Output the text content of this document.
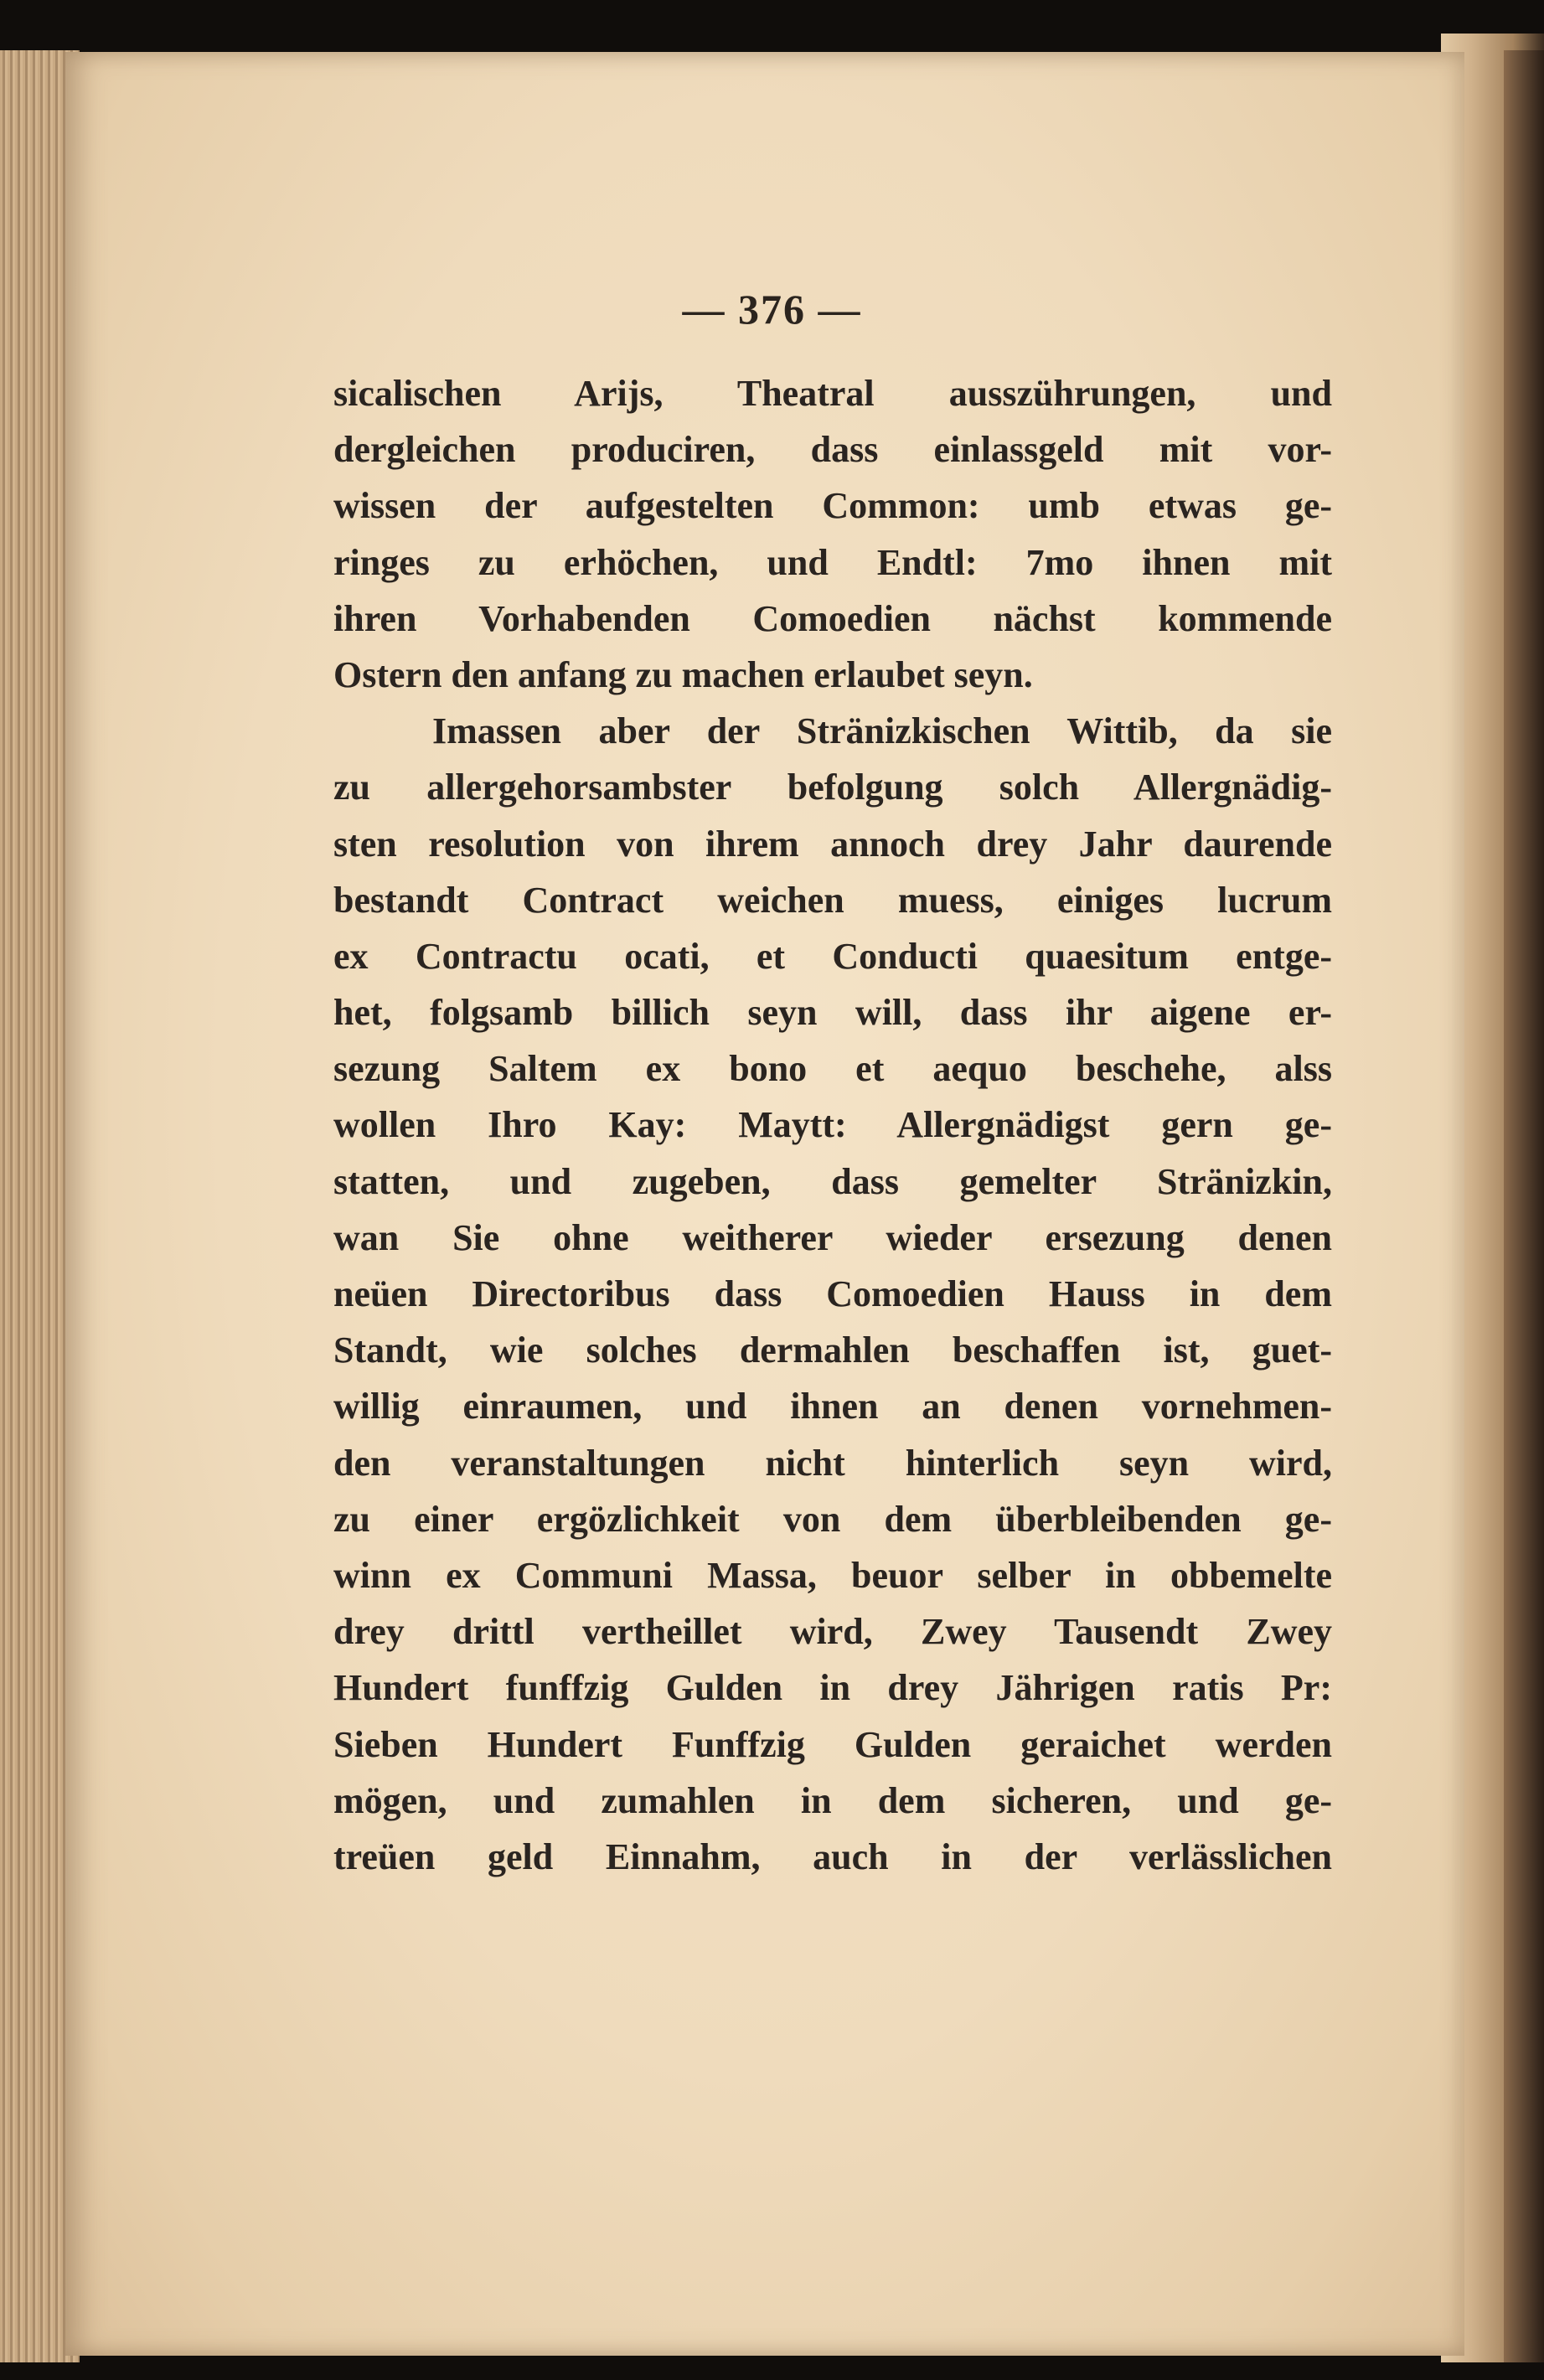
— 376 —
sicalischen Arijs, Theatral ausszührungen, und
dergleichen produciren, dass einlassgeld mit vor-
wissen der aufgestelten Common: umb etwas ge-
ringes zu erhöchen, und Endtl: 7mo ihnen mit
ihren Vorhabenden Comoedien nächst kommende
Ostern den anfang zu machen erlaubet seyn.
Imassen aber der Stränizkischen Wittib, da sie
zu allergehorsambster befolgung solch Allergnädig-
sten resolution von ihrem annoch drey Jahr daurende
bestandt Contract weichen muess, einiges lucrum
ex Contractu ocati, et Conducti quaesitum entge-
het, folgsamb billich seyn will, dass ihr aigene er-
sezung Saltem ex bono et aequo beschehe, alss
wollen Ihro Kay: Maytt: Allergnädigst gern ge-
statten, und zugeben, dass gemelter Stränizkin,
wan Sie ohne weitherer wieder ersezung denen
neüen Directoribus dass Comoedien Hauss in dem
Standt, wie solches dermahlen beschaffen ist, guet-
willig einraumen, und ihnen an denen vornehmen-
den veranstaltungen nicht hinterlich seyn wird,
zu einer ergözlichkeit von dem überbleibenden ge-
winn ex Communi Massa, beuor selber in obbemelte
drey drittl vertheillet wird, Zwey Tausendt Zwey
Hundert funffzig Gulden in drey Jährigen ratis Pr:
Sieben Hundert Funffzig Gulden geraichet werden
mögen, und zumahlen in dem sicheren, und ge-
treüen geld Einnahm, auch in der verlässlichen
